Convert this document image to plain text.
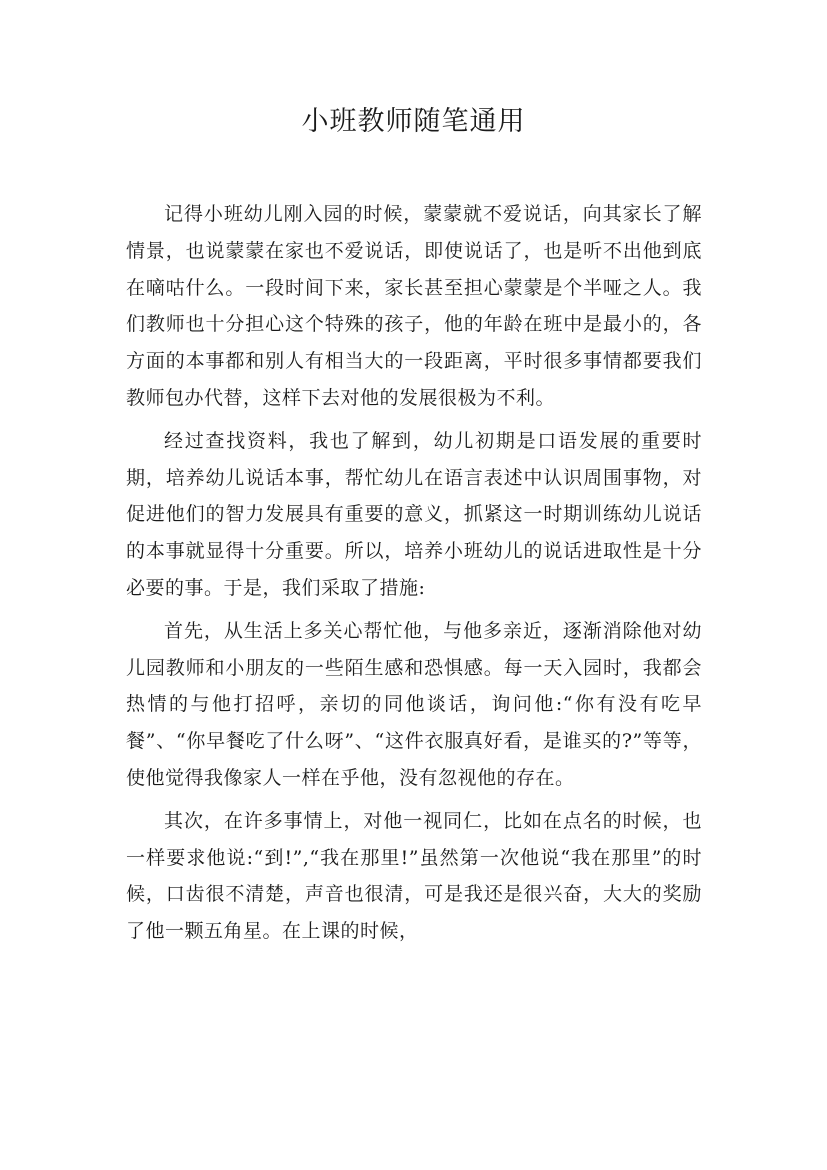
小班教师随笔通用

记得小班幼儿刚入园的时候，蒙蒙就不爱说话，向其家长了解情景，也说蒙蒙在家也不爱说话，即使说话了，也是听不出他到底在嘀咕什么。一段时间下来，家长甚至担心蒙蒙是个半哑之人。我们教师也十分担心这个特殊的孩子，他的年龄在班中是最小的，各方面的本事都和别人有相当大的一段距离，平时很多事情都要我们教师包办代替，这样下去对他的发展很极为不利。

经过查找资料，我也了解到，幼儿初期是口语发展的重要时期，培养幼儿说话本事，帮忙幼儿在语言表述中认识周围事物，对促进他们的智力发展具有重要的意义，抓紧这一时期训练幼儿说话的本事就显得十分重要。所以，培养小班幼儿的说话进取性是十分必要的事。于是，我们采取了措施:

首先，从生活上多关心帮忙他，与他多亲近，逐渐消除他对幼儿园教师和小朋友的一些陌生感和恐惧感。每一天入园时，我都会热情的与他打招呼，亲切的同他谈话，询问他:“你有没有吃早餐”、“你早餐吃了什么呀”、“这件衣服真好看，是谁买的?”等等，使他觉得我像家人一样在乎他，没有忽视他的存在。

其次，在许多事情上，对他一视同仁，比如在点名的时候，也一样要求他说:“到!”,“我在那里!”虽然第一次他说“我在那里”的时候，口齿很不清楚，声音也很清，可是我还是很兴奋，大大的奖励了他一颗五角星。在上课的时候，
